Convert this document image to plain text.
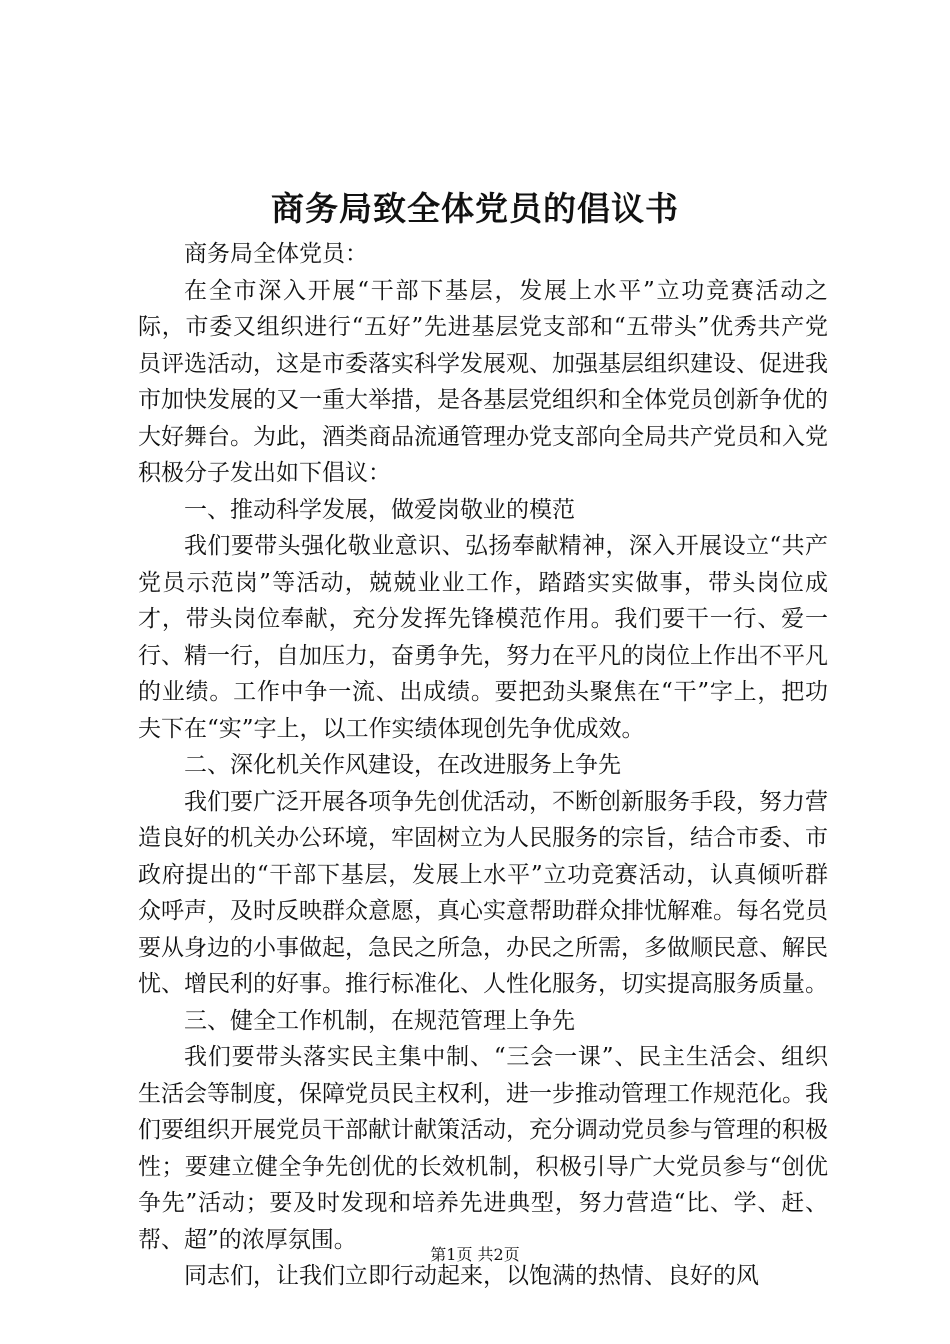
商务局致全体党员的倡议书

商务局全体党员：

在全市深入开展“干部下基层，发展上水平”立功竞赛活动之际，市委又组织进行“五好”先进基层党支部和“五带头”优秀共产党员评选活动，这是市委落实科学发展观、加强基层组织建设、促进我市加快发展的又一重大举措，是各基层党组织和全体党员创新争优的大好舞台。为此，酒类商品流通管理办党支部向全局共产党员和入党积极分子发出如下倡议：

一、推动科学发展，做爱岗敬业的模范

我们要带头强化敬业意识、弘扬奉献精神，深入开展设立“共产党员示范岗”等活动，兢兢业业工作，踏踏实实做事，带头岗位成才，带头岗位奉献，充分发挥先锋模范作用。我们要干一行、爱一行、精一行，自加压力，奋勇争先，努力在平凡的岗位上作出不平凡的业绩。工作中争一流、出成绩。要把劲头聚焦在“干”字上，把功夫下在“实”字上，以工作实绩体现创先争优成效。

二、深化机关作风建设，在改进服务上争先

我们要广泛开展各项争先创优活动，不断创新服务手段，努力营造良好的机关办公环境，牢固树立为人民服务的宗旨，结合市委、市政府提出的“干部下基层，发展上水平”立功竞赛活动，认真倾听群众呼声，及时反映群众意愿，真心实意帮助群众排忧解难。每名党员要从身边的小事做起，急民之所急，办民之所需，多做顺民意、解民忧、增民利的好事。推行标准化、人性化服务，切实提高服务质量。

三、健全工作机制，在规范管理上争先

我们要带头落实民主集中制、“三会一课”、民主生活会、组织生活会等制度，保障党员民主权利，进一步推动管理工作规范化。我们要组织开展党员干部献计献策活动，充分调动党员参与管理的积极性；要建立健全争先创优的长效机制，积极引导广大党员参与“创优争先”活动；要及时发现和培养先进典型，努力营造“比、学、赶、帮、超”的浓厚氛围。

同志们，让我们立即行动起来，以饱满的热情、良好的风

第1页 共2页
